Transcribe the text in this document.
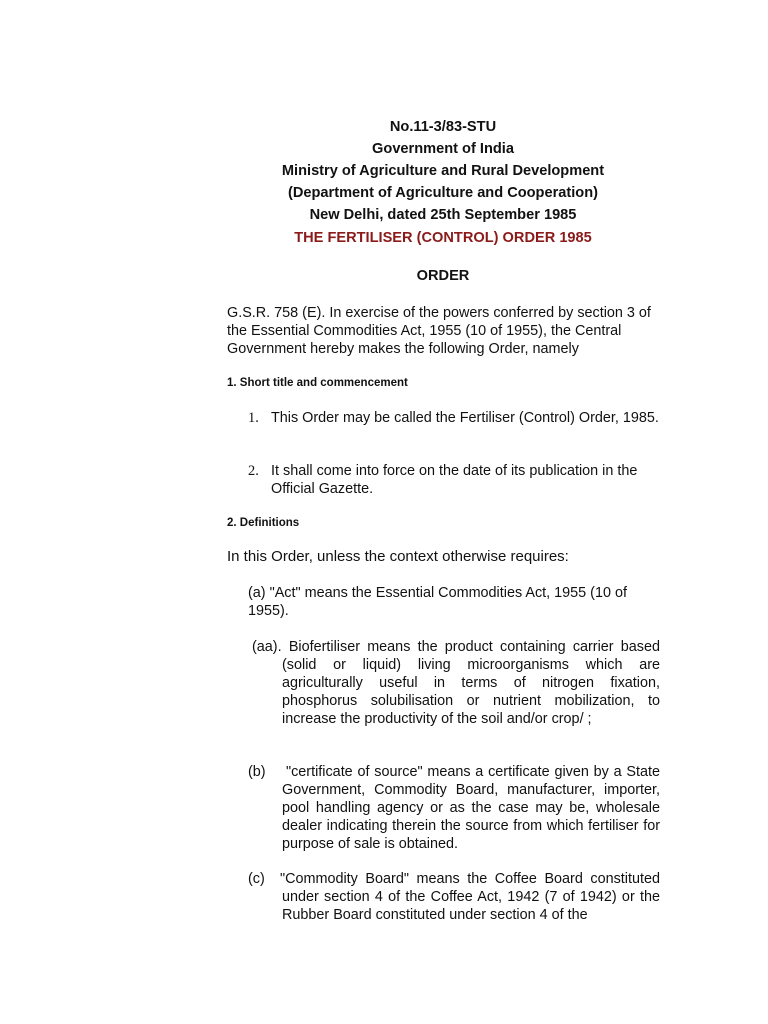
No.11-3/83-STU
Government of India
Ministry of Agriculture and Rural Development
(Department of Agriculture and Cooperation)
New Delhi, dated 25th September 1985
THE FERTILISER (CONTROL) ORDER 1985
ORDER
G.S.R. 758 (E). In exercise of the powers conferred by section 3 of the Essential Commodities Act, 1955 (10 of 1955), the Central Government hereby makes the following Order, namely
1. Short title and commencement
1. This Order may be called the Fertiliser (Control) Order, 1985.
2. It shall come into force on the date of its publication in the Official Gazette.
2. Definitions
In this Order, unless the context otherwise requires:
(a) "Act" means the Essential Commodities Act, 1955 (10 of 1955).
(aa). Biofertiliser means the product containing carrier based (solid or liquid) living microorganisms which are agriculturally useful in terms of nitrogen fixation, phosphorus solubilisation or nutrient mobilization, to increase the productivity of the soil and/or crop/ ;
(b) "certificate of source" means a certificate given by a State Government, Commodity Board, manufacturer, importer, pool handling agency or as the case may be, wholesale dealer indicating therein the source from which fertiliser for purpose of sale is obtained.
(c) "Commodity Board" means the Coffee Board constituted under section 4 of the Coffee Act, 1942 (7 of 1942) or the Rubber Board constituted under section 4 of the
